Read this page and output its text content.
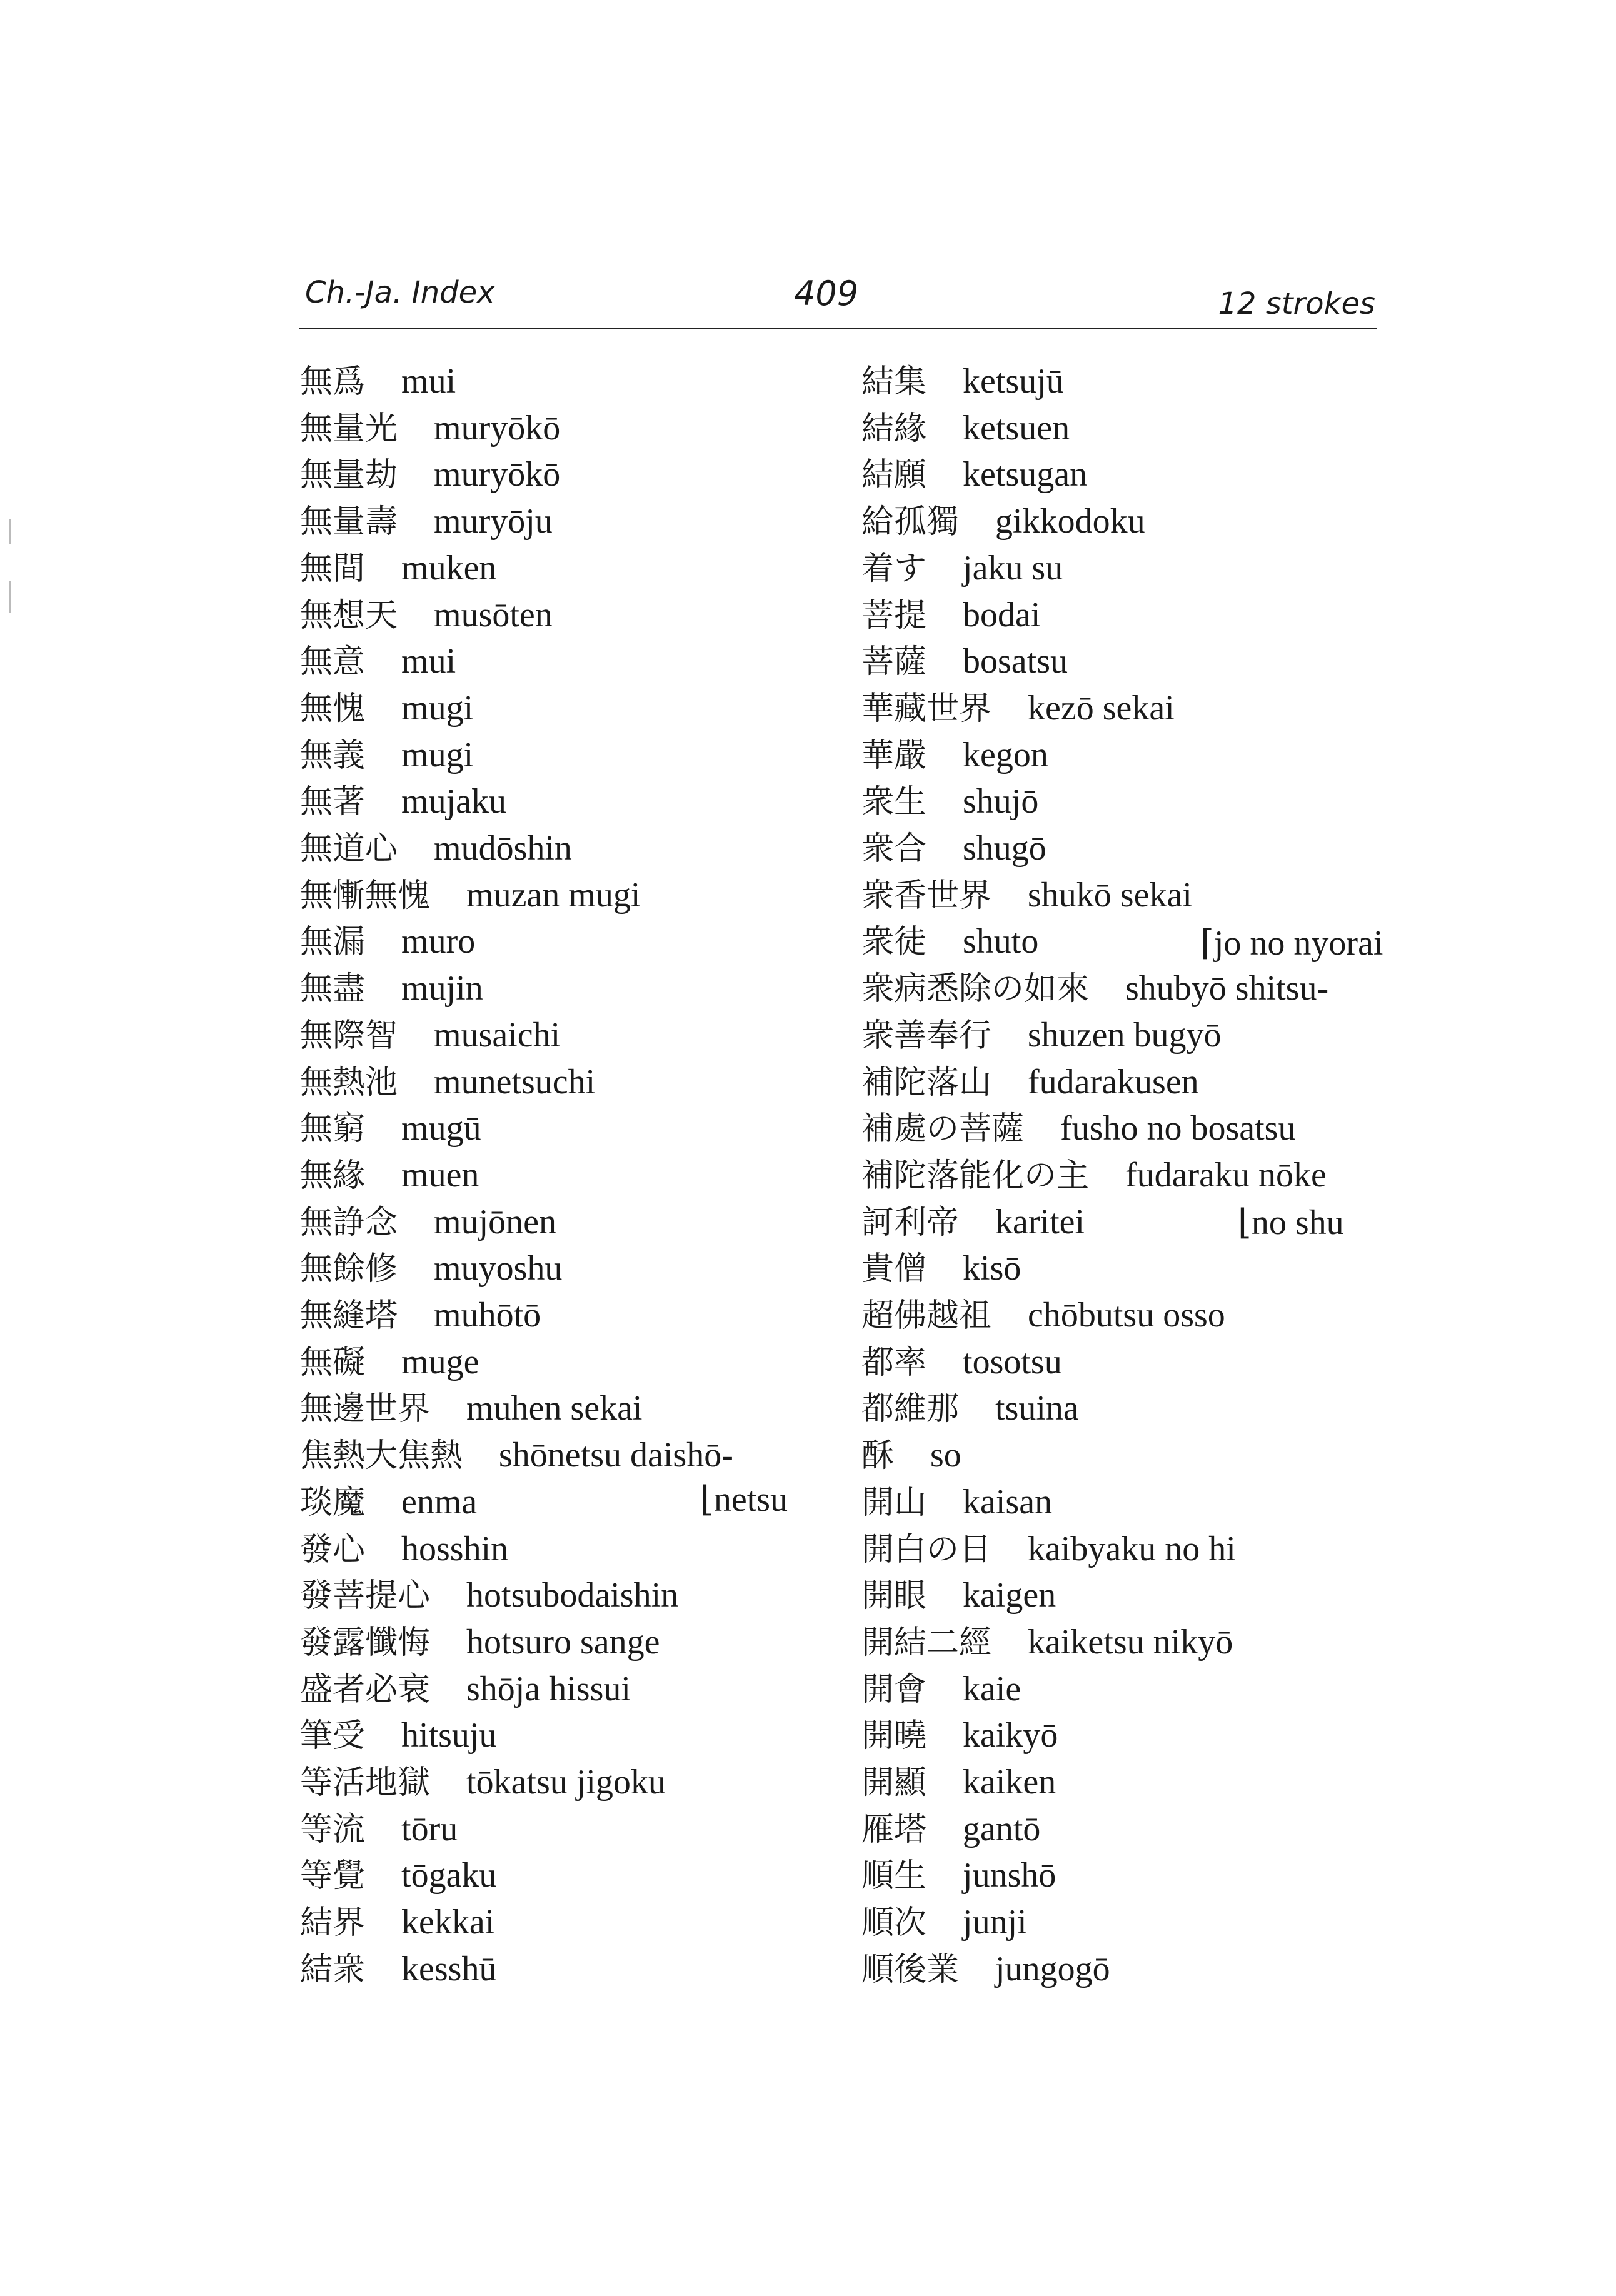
Ch.-Ja. Index	409	12 strokes
無爲 mui
無量光 muryōkō
無量劫 muryōkō
無量壽 muryōju
無間 muken
無想天 musōten
無意 mui
無愧 mugi
無義 mugi
無著 mujaku
無道心 mudōshin
無慚無愧 muzan mugi
無漏 muro
無盡 mujin
無際智 musaichi
無熱池 munetsuchi
無窮 mugū
無緣 muen
無諍念 mujōnen
無餘修 muyoshu
無縫塔 muhōtō
無礙 muge
無邊世界 muhen sekai
焦熱大焦熱 shōnetsu daishō-
琰魔 enma
發心 hosshin
發菩提心 hotsubodaishin
發露懺悔 hotsuro sange
盛者必衰 shōja hissui
筆受 hitsuju
等活地獄 tōkatsu jigoku
等流 tōru
等覺 tōgaku
結界 kekkai
結衆 kesshū
結集 ketsujū
結緣 ketsuen
結願 ketsugan
給孤獨 gikkodoku
着す jaku su
菩提 bodai
菩薩 bosatsu
華藏世界 kezō sekai
華嚴 kegon
衆生 shujō
衆合 shugō
衆香世界 shukō sekai
衆徒 shuto
衆病悉除の如來 shubyō shitsu-
衆善奉行 shuzen bugyō
補陀落山 fudarakusen
補處の菩薩 fusho no bosatsu
補陀落能化の主 fudaraku nōke
訶利帝 karitei
貴僧 kisō
超佛越祖 chōbutsu osso
都率 tosotsu
都維那 tsuina
酥 so
開山 kaisan
開白の日 kaibyaku no hi
開眼 kaigen
開結二經 kaiketsu nikyō
開會 kaie
開曉 kaikyō
開顯 kaiken
雁塔 gantō
順生 junshō
順次 junji
順後業 jungogō
⌊netsu
⌈jo no nyorai
⌊no shu
